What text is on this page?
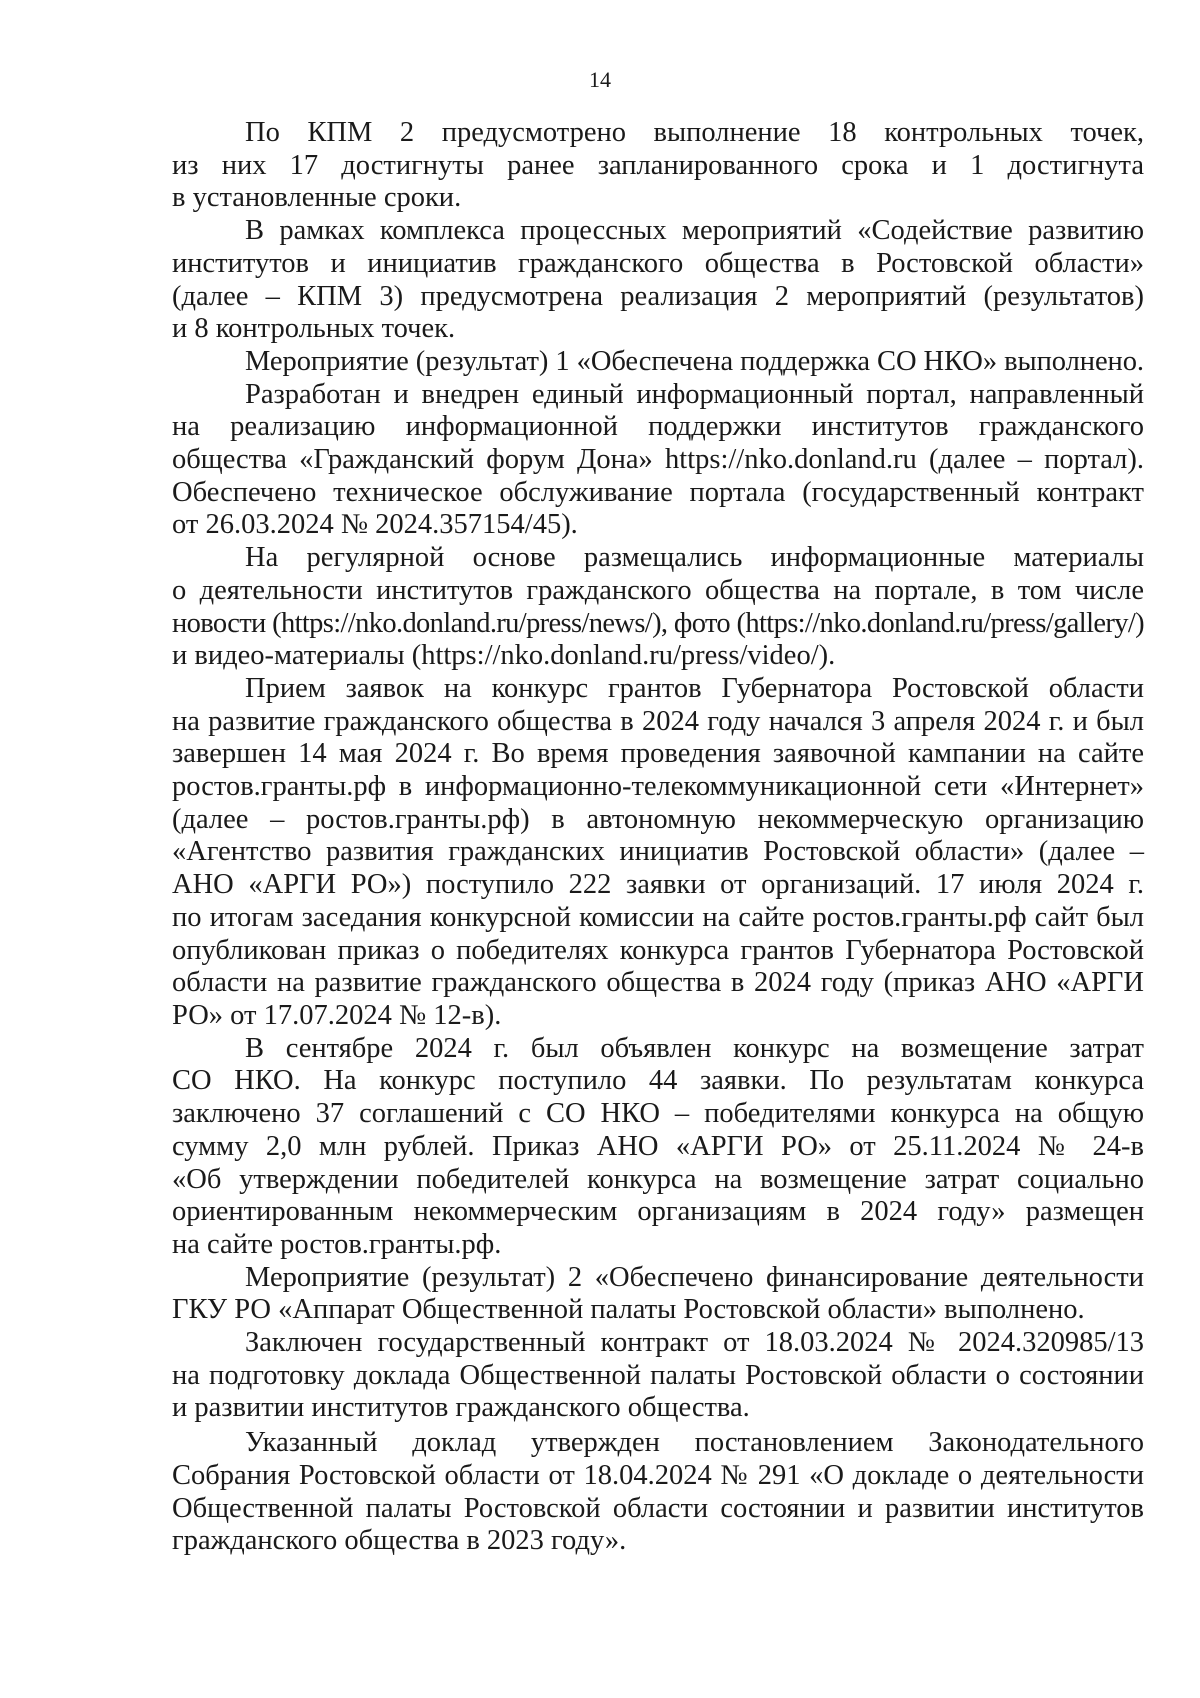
14

По КПМ 2 предусмотрено выполнение 18 контрольных точек,
из них 17 достигнуты ранее запланированного срока и 1 достигнута
в установленные сроки.

В рамках комплекса процессных мероприятий «Содействие развитию
институтов и инициатив гражданского общества в Ростовской области»
(далее – КПМ 3) предусмотрена реализация 2 мероприятий (результатов)
и 8 контрольных точек.

Мероприятие (результат) 1 «Обеспечена поддержка СО НКО» выполнено.

Разработан и внедрен единый информационный портал, направленный
на реализацию информационной поддержки институтов гражданского
общества «Гражданский форум Дона» https://nko.donland.ru (далее – портал).
Обеспечено техническое обслуживание портала (государственный контракт
от 26.03.2024 № 2024.357154/45).

На регулярной основе размещались информационные материалы
о деятельности институтов гражданского общества на портале, в том числе
новости (https://nko.donland.ru/press/news/), фото (https://nko.donland.ru/press/gallery/)
и видео-материалы (https://nko.donland.ru/press/video/).

Прием заявок на конкурс грантов Губернатора Ростовской области
на развитие гражданского общества в 2024 году начался 3 апреля 2024 г. и был
завершен 14 мая 2024 г. Во время проведения заявочной кампании на сайте
ростов.гранты.рф в информационно-телекоммуникационной сети «Интернет»
(далее – ростов.гранты.рф) в автономную некоммерческую организацию
«Агентство развития гражданских инициатив Ростовской области» (далее –
АНО «АРГИ РО») поступило 222 заявки от организаций. 17 июля 2024 г.
по итогам заседания конкурсной комиссии на сайте ростов.гранты.рф сайт был
опубликован приказ о победителях конкурса грантов Губернатора Ростовской
области на развитие гражданского общества в 2024 году (приказ АНО «АРГИ
РО» от 17.07.2024 № 12-в).

В сентябре 2024 г. был объявлен конкурс на возмещение затрат
СО НКО. На конкурс поступило 44 заявки. По результатам конкурса
заключено 37 соглашений с СО НКО – победителями конкурса на общую
сумму 2,0 млн рублей. Приказ АНО «АРГИ РО» от 25.11.2024 № 24-в
«Об утверждении победителей конкурса на возмещение затрат социально
ориентированным некоммерческим организациям в 2024 году» размещен
на сайте ростов.гранты.рф.

Мероприятие (результат) 2 «Обеспечено финансирование деятельности
ГКУ РО «Аппарат Общественной палаты Ростовской области» выполнено.

Заключен государственный контракт от 18.03.2024 № 2024.320985/13
на подготовку доклада Общественной палаты Ростовской области о состоянии
и развитии институтов гражданского общества.

Указанный доклад утвержден постановлением Законодательного
Собрания Ростовской области от 18.04.2024 № 291 «О докладе о деятельности
Общественной палаты Ростовской области состоянии и развитии институтов
гражданского общества в 2023 году».
